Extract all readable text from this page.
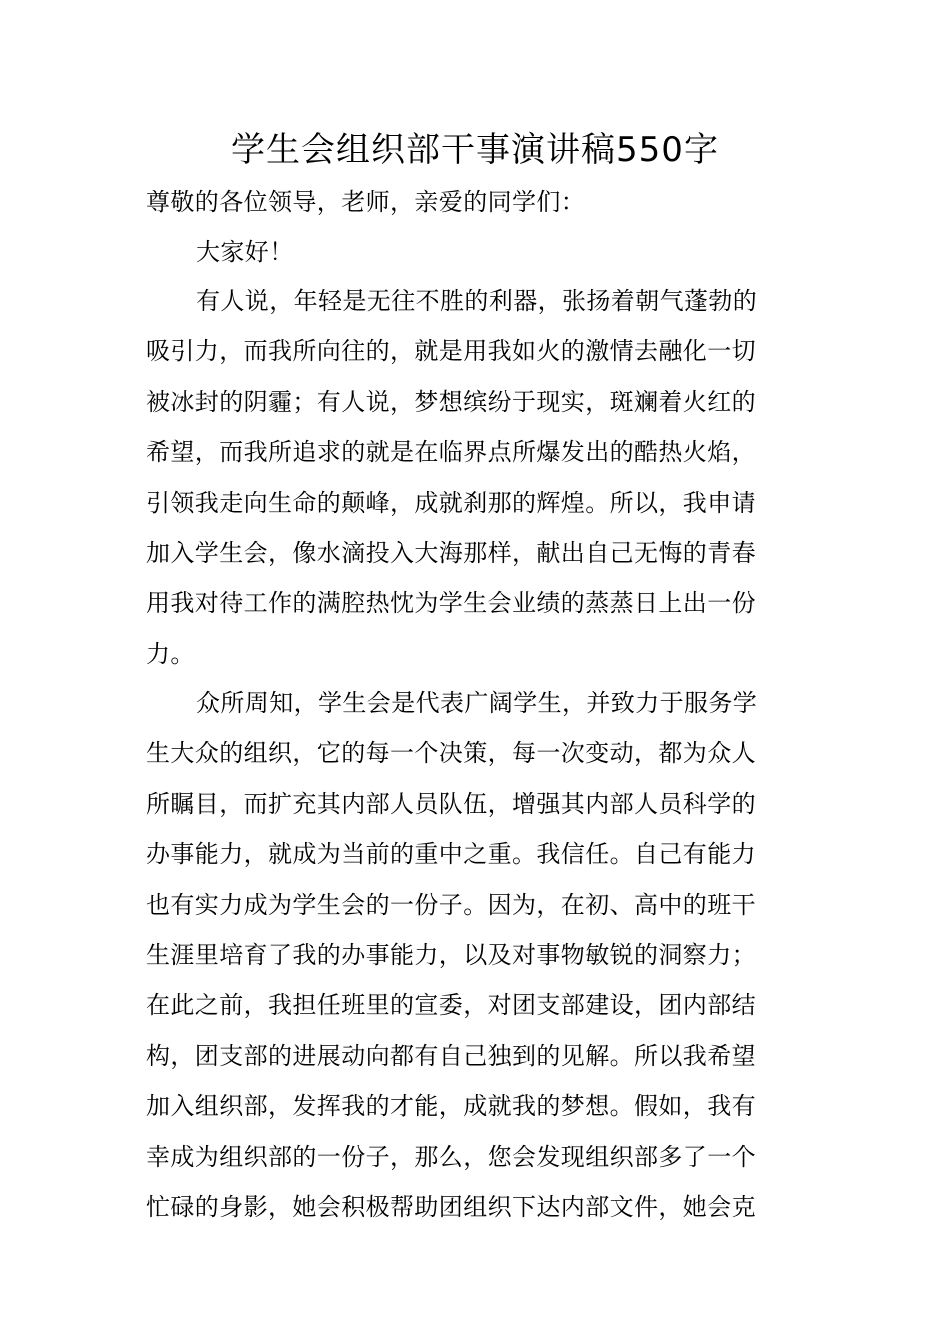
学生会组织部干事演讲稿550字
尊敬的各位领导，老师，亲爱的同学们：
大家好！
有人说，年轻是无往不胜的利器，张扬着朝气蓬勃的
吸引力，而我所向往的，就是用我如火的激情去融化一切
被冰封的阴霾；有人说，梦想缤纷于现实，斑斓着火红的
希望，而我所追求的就是在临界点所爆发出的酷热火焰，
引领我走向生命的颠峰，成就刹那的辉煌。所以，我申请
加入学生会，像水滴投入大海那样，献出自己无悔的青春
用我对待工作的满腔热忱为学生会业绩的蒸蒸日上出一份
力。
众所周知，学生会是代表广阔学生，并致力于服务学
生大众的组织，它的每一个决策，每一次变动，都为众人
所瞩目，而扩充其内部人员队伍，增强其内部人员科学的
办事能力，就成为当前的重中之重。我信任。自己有能力
也有实力成为学生会的一份子。因为，在初、高中的班干
生涯里培育了我的办事能力，以及对事物敏锐的洞察力；
在此之前，我担任班里的宣委，对团支部建设，团内部结
构，团支部的进展动向都有自己独到的见解。所以我希望
加入组织部，发挥我的才能，成就我的梦想。假如，我有
幸成为组织部的一份子，那么，您会发现组织部多了一个
忙碌的身影，她会积极帮助团组织下达内部文件，她会克
